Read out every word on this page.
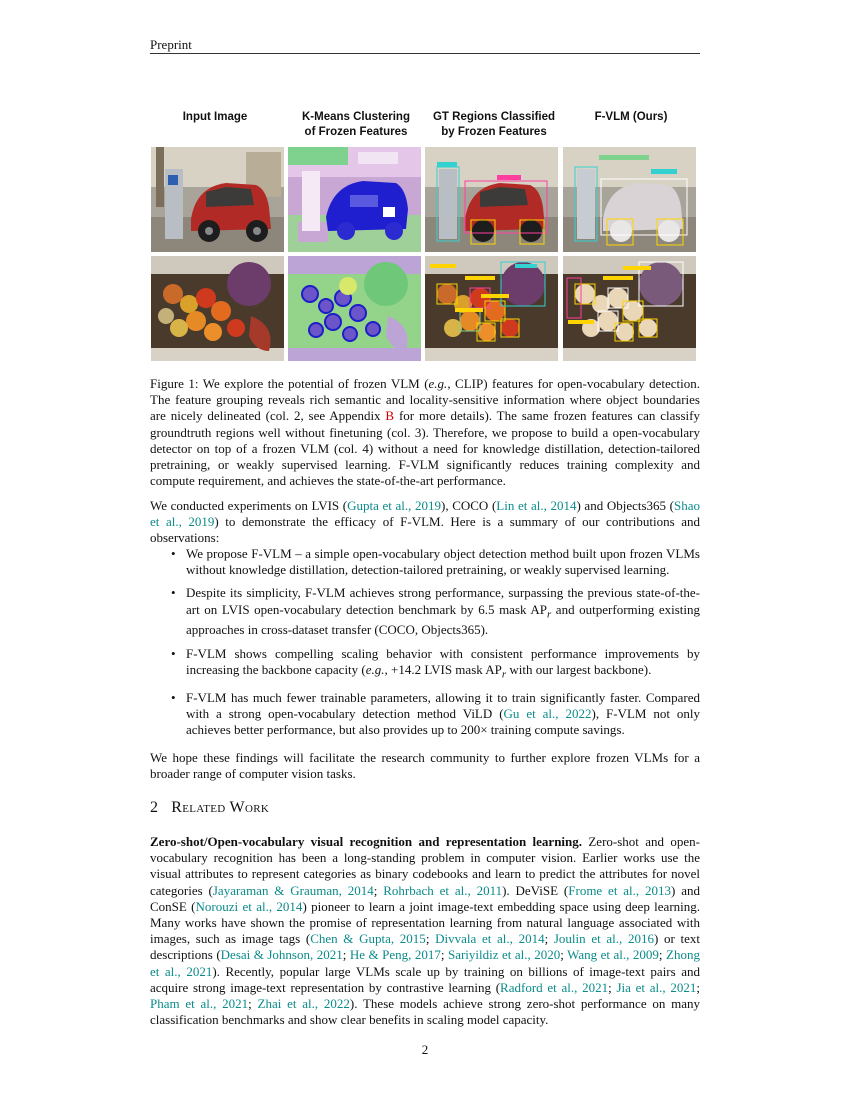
Preprint
Input Image	K-Means Clustering
of Frozen Features
GT Regions Classified
by Frozen Features
F-VLM (Ours)
Figure 1: We explore the potential of frozen VLM (e.g., CLIP) features for open-vocabulary detection. The feature grouping reveals rich semantic and locality-sensitive information where object boundaries are nicely delineated (col. 2, see Appendix B for more details). The same frozen features can classify groundtruth regions well without finetuning (col. 3). Therefore, we propose to build a open-vocabulary detector on top of a frozen VLM (col. 4) without a need for knowledge distillation, detection-tailored pretraining, or weakly supervised learning. F-VLM significantly reduces training complexity and compute requirement, and achieves the state-of-the-art performance.
We conducted experiments on LVIS (Gupta et al., 2019), COCO (Lin et al., 2014) and Objects365 (Shao et al., 2019) to demonstrate the efficacy of F-VLM. Here is a summary of our contributions and observations:
• We propose F-VLM – a simple open-vocabulary object detection method built upon frozen VLMs without knowledge distillation, detection-tailored pretraining, or weakly supervised learning.
• Despite its simplicity, F-VLM achieves strong performance, surpassing the previous state-of-the-art on LVIS open-vocabulary detection benchmark by 6.5 mask $AP_r$ and outperforming existing approaches in cross-dataset transfer (COCO, Objects365).
• F-VLM shows compelling scaling behavior with consistent performance improvements by increasing the backbone capacity (e.g., +14.2 LVIS mask $AP_r$ with our largest backbone).
• F-VLM has much fewer trainable parameters, allowing it to train significantly faster. Compared with a strong open-vocabulary detection method ViLD (Gu et al., 2022), F-VLM not only achieves better performance, but also provides up to 200× training compute savings.
We hope these findings will facilitate the research community to further explore frozen VLMs for a broader range of computer vision tasks.
2 Related Work
Zero-shot/Open-vocabulary visual recognition and representation learning. Zero-shot and open-vocabulary recognition has been a long-standing problem in computer vision. Earlier works use the visual attributes to represent categories as binary codebooks and learn to predict the attributes for novel categories (Jayaraman & Grauman, 2014; Rohrbach et al., 2011). DeViSE (Frome et al., 2013) and ConSE (Norouzi et al., 2014) pioneer to learn a joint image-text embedding space using deep learning. Many works have shown the promise of representation learning from natural language associated with images, such as image tags (Chen & Gupta, 2015; Divvala et al., 2014; Joulin et al., 2016) or text descriptions (Desai & Johnson, 2021; He & Peng, 2017; Sariyildiz et al., 2020; Wang et al., 2009; Zhong et al., 2021). Recently, popular large VLMs scale up by training on billions of image-text pairs and acquire strong image-text representation by contrastive learning (Radford et al., 2021; Jia et al., 2021; Pham et al., 2021; Zhai et al., 2022). These models achieve strong zero-shot performance on many classification benchmarks and show clear benefits in scaling model capacity.
2
